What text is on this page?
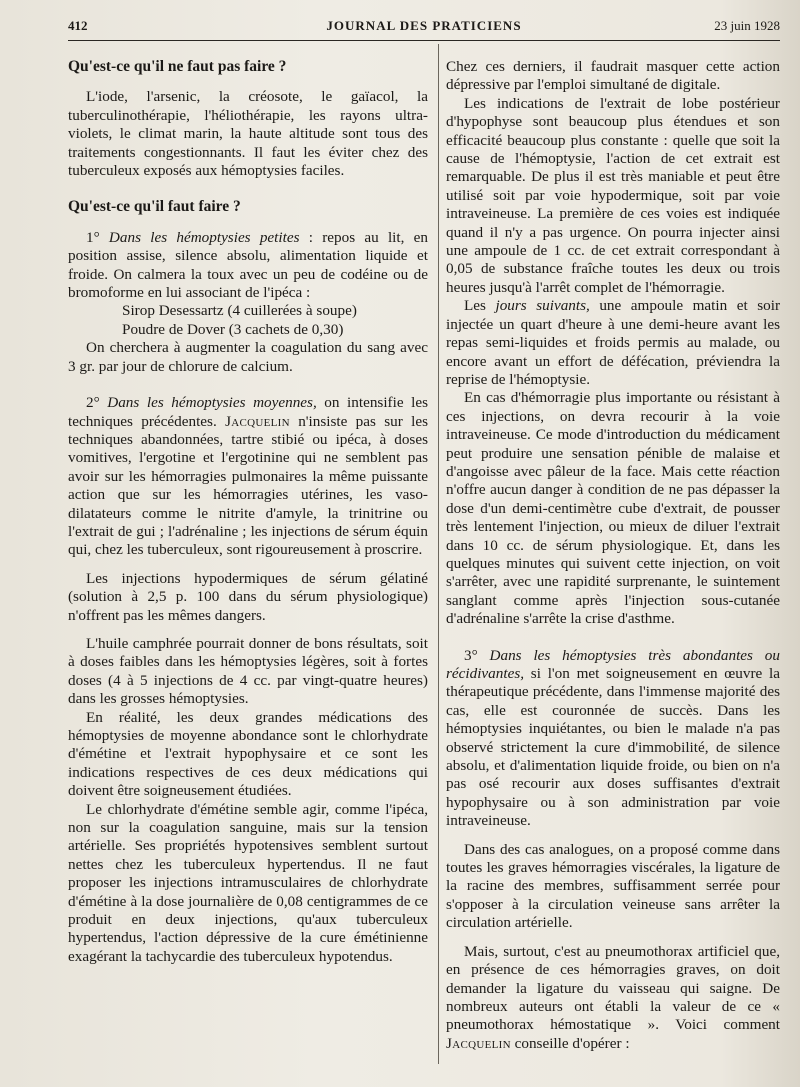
412	JOURNAL DES PRATICIENS	23 juin 1928

Qu'est-ce qu'il ne faut pas faire ?

L'iode, l'arsenic, la créosote, le gaïacol, la tuberculinothérapie, l'héliothérapie, les rayons ultra-violets, le climat marin, la haute altitude sont tous des traitements congestionnants. Il faut les éviter chez des tuberculeux exposés aux hémoptysies faciles.

Qu'est-ce qu'il faut faire ?

1° Dans les hémoptysies petites : repos au lit, en position assise, silence absolu, alimentation liquide et froide. On calmera la toux avec un peu de codéine ou de bromoforme en lui associant de l'ipéca :

Sirop Desessartz (4 cuillerées à soupe)

Poudre de Dover (3 cachets de 0,30)

On cherchera à augmenter la coagulation du sang avec 3 gr. par jour de chlorure de calcium.

2° Dans les hémoptysies moyennes, on intensifie les techniques précédentes. Jacquelin n'insiste pas sur les techniques abandonnées, tartre stibié ou ipéca, à doses vomitives, l'ergotine et l'ergotinine qui ne semblent pas avoir sur les hémorragies pulmonaires la même puissante action que sur les hémorragies utérines, les vaso-dilatateurs comme le nitrite d'amyle, la trinitrine ou l'extrait de gui ; l'adrénaline ; les injections de sérum équin qui, chez les tuberculeux, sont rigoureusement à proscrire.

Les injections hypodermiques de sérum gélatiné (solution à 2,5 p. 100 dans du sérum physiologique) n'offrent pas les mêmes dangers.

L'huile camphrée pourrait donner de bons résultats, soit à doses faibles dans les hémoptysies légères, soit à fortes doses (4 à 5 injections de 4 cc. par vingt-quatre heures) dans les grosses hémoptysies.

En réalité, les deux grandes médications des hémoptysies de moyenne abondance sont le chlorhydrate d'émétine et l'extrait hypophysaire et ce sont les indications respectives de ces deux médications qui doivent être soigneusement étudiées.

Le chlorhydrate d'émétine semble agir, comme l'ipéca, non sur la coagulation sanguine, mais sur la tension artérielle. Ses propriétés hypotensives semblent surtout nettes chez les tuberculeux hypertendus. Il ne faut proposer les injections intramusculaires de chlorhydrate d'émétine à la dose journalière de 0,08 centigrammes de ce produit en deux injections, qu'aux tuberculeux hypertendus, l'action dépressive de la cure émétinienne exagérant la tachycardie des tuberculeux hypotendus.

Chez ces derniers, il faudrait masquer cette action dépressive par l'emploi simultané de digitale.

Les indications de l'extrait de lobe postérieur d'hypophyse sont beaucoup plus étendues et son efficacité beaucoup plus constante : quelle que soit la cause de l'hémoptysie, l'action de cet extrait est remarquable. De plus il est très maniable et peut être utilisé soit par voie hypodermique, soit par voie intraveineuse. La première de ces voies est indiquée quand il n'y a pas urgence. On pourra injecter ainsi une ampoule de 1 cc. de cet extrait correspondant à 0,05 de substance fraîche toutes les deux ou trois heures jusqu'à l'arrêt complet de l'hémorragie.

Les jours suivants, une ampoule matin et soir injectée un quart d'heure à une demi-heure avant les repas semi-liquides et froids permis au malade, ou encore avant un effort de défécation, préviendra la reprise de l'hémoptysie.

En cas d'hémorragie plus importante ou résistant à ces injections, on devra recourir à la voie intraveineuse. Ce mode d'introduction du médicament peut produire une sensation pénible de malaise et d'angoisse avec pâleur de la face. Mais cette réaction n'offre aucun danger à condition de ne pas dépasser la dose d'un demi-centimètre cube d'extrait, de pousser très lentement l'injection, ou mieux de diluer l'extrait dans 10 cc. de sérum physiologique. Et, dans les quelques minutes qui suivent cette injection, on voit s'arrêter, avec une rapidité surprenante, le suintement sanglant comme après l'injection sous-cutanée d'adrénaline s'arrête la crise d'asthme.

3° Dans les hémoptysies très abondantes ou récidivantes, si l'on met soigneusement en œuvre la thérapeutique précédente, dans l'immense majorité des cas, elle est couronnée de succès. Dans les hémoptysies inquiétantes, ou bien le malade n'a pas observé strictement la cure d'immobilité, de silence absolu, et d'alimentation liquide froide, ou bien on n'a pas osé recourir aux doses suffisantes d'extrait hypophysaire ou à son administration par voie intraveineuse.

Dans des cas analogues, on a proposé comme dans toutes les graves hémorragies viscérales, la ligature de la racine des membres, suffisamment serrée pour s'opposer à la circulation veineuse sans arrêter la circulation artérielle.

Mais, surtout, c'est au pneumothorax artificiel que, en présence de ces hémorragies graves, on doit demander la ligature du vaisseau qui saigne. De nombreux auteurs ont établi la valeur de ce « pneumothorax hémostatique ». Voici comment Jacquelin conseille d'opérer :
